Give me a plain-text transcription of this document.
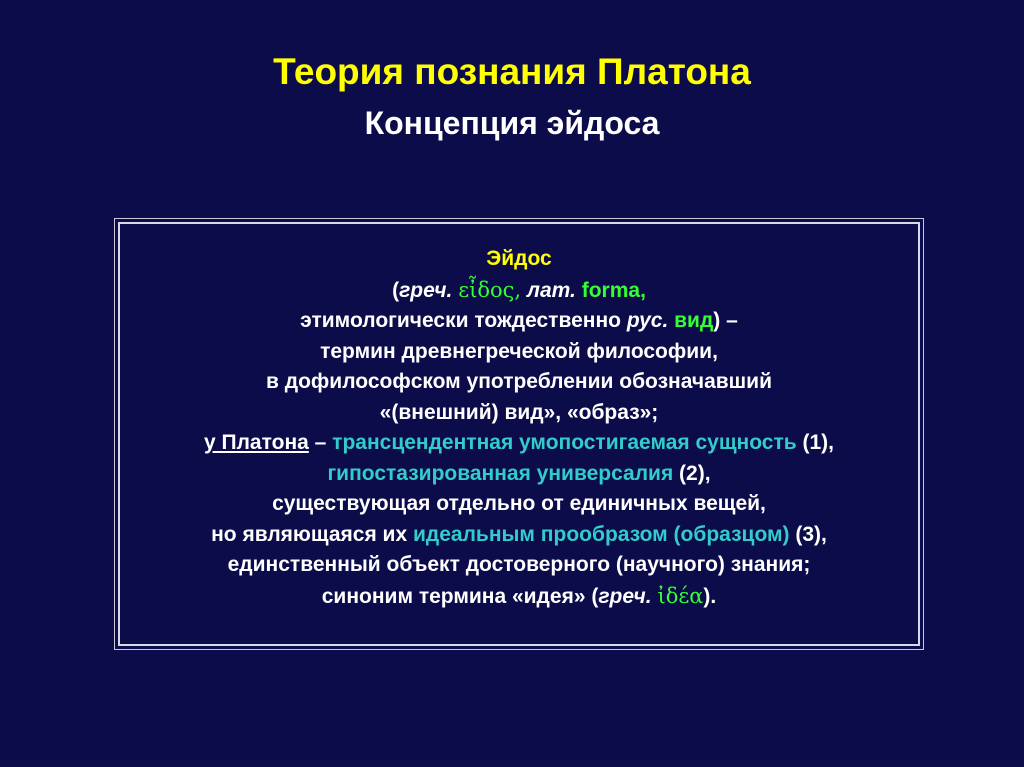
Теория познания Платона
Концепция эйдоса
Эйдос
(греч. εἶδος, лат. forma,
этимологически тождественно рус. вид) –
термин древнегреческой философии,
в дофилософском употреблении обозначавший
«(внешний) вид», «образ»;
у Платона – трансцендентная умопостигаемая сущность (1),
гипостазированная универсалия (2),
существующая отдельно от единичных вещей,
но являющаяся их идеальным прообразом (образцом) (3),
единственный объект достоверного (научного) знания;
синоним термина «идея» (греч. ἰδέα).
